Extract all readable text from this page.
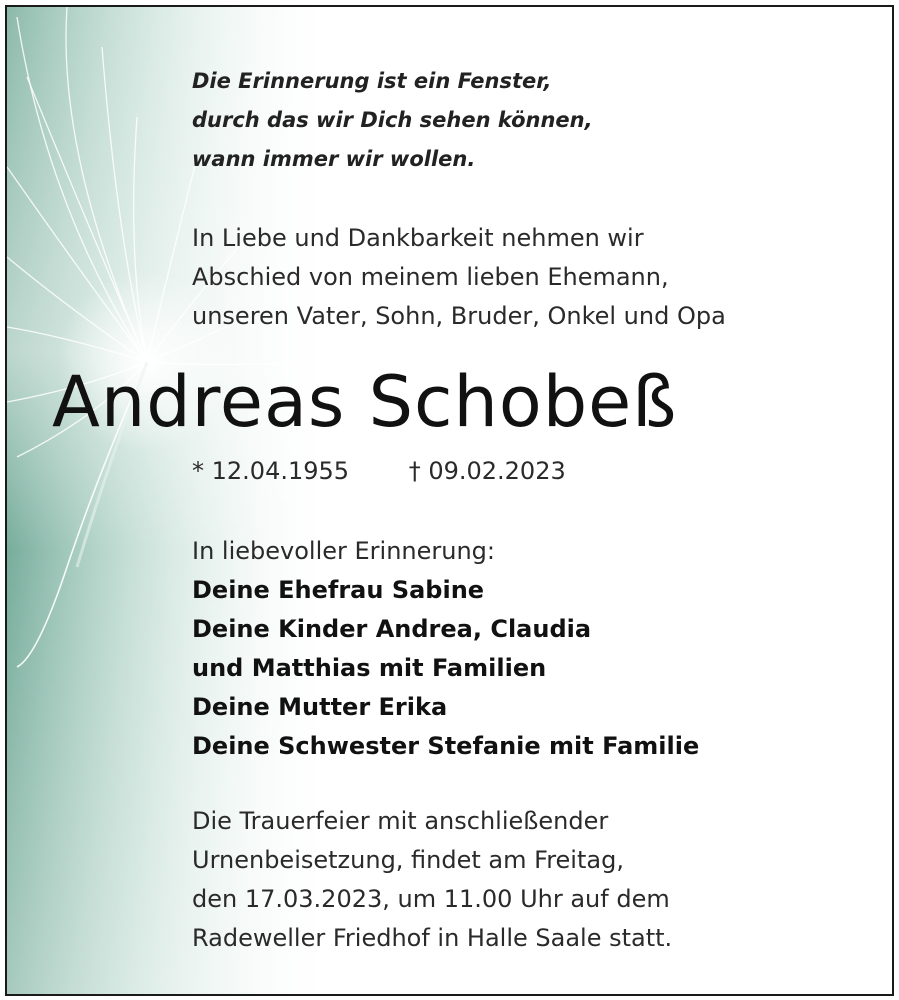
Die Erinnerung ist ein Fenster,
durch das wir Dich sehen können,
wann immer wir wollen.
In Liebe und Dankbarkeit nehmen wir
Abschied von meinem lieben Ehemann,
unseren Vater, Sohn, Bruder, Onkel und Opa
Andreas Schobeß
* 12.04.1955 † 09.02.2023
In liebevoller Erinnerung:
Deine Ehefrau Sabine
Deine Kinder Andrea, Claudia
und Matthias mit Familien
Deine Mutter Erika
Deine Schwester Stefanie mit Familie
Die Trauerfeier mit anschließender
Urnenbeisetzung, findet am Freitag,
den 17.03.2023, um 11.00 Uhr auf dem
Radeweller Friedhof in Halle Saale statt.
